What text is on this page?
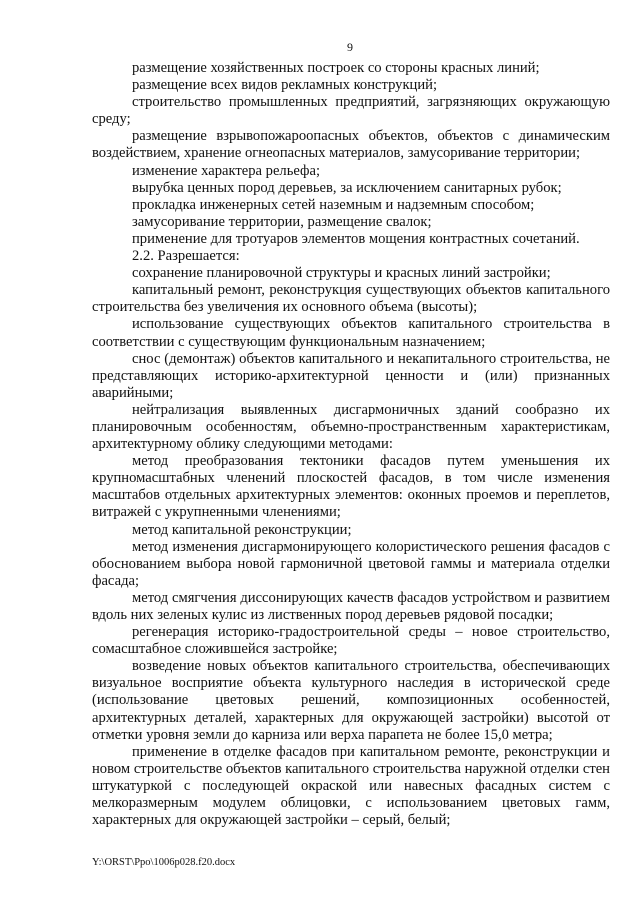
9

размещение хозяйственных построек со стороны красных линий;

размещение всех видов рекламных конструкций;

строительство промышленных предприятий, загрязняющих окружающую среду;

размещение взрывопожароопасных объектов, объектов с динамическим воздействием, хранение огнеопасных материалов, замусоривание территории;

изменение характера рельефа;

вырубка ценных пород деревьев, за исключением санитарных рубок;

прокладка инженерных сетей наземным и надземным способом;

замусоривание территории, размещение свалок;

применение для тротуаров элементов мощения контрастных сочетаний.

2.2. Разрешается:

сохранение планировочной структуры и красных линий застройки;

капитальный ремонт, реконструкция существующих объектов капитального строительства без увеличения их основного объема (высоты);

использование существующих объектов капитального строительства в соответствии с существующим функциональным назначением;

снос (демонтаж) объектов капитального и некапитального строительства, не представляющих историко-архитектурной ценности и (или) признанных аварийными;

нейтрализация выявленных дисгармоничных зданий сообразно их планировочным особенностям, объемно-пространственным характеристикам, архитектурному облику следующими методами:

метод преобразования тектоники фасадов путем уменьшения их крупномасштабных членений плоскостей фасадов, в том числе изменения масштабов отдельных архитектурных элементов: оконных проемов и переплетов, витражей с укрупненными членениями;

метод капитальной реконструкции;

метод изменения дисгармонирующего колористического решения фасадов с обоснованием выбора новой гармоничной цветовой гаммы и материала отделки фасада;

метод смягчения диссонирующих качеств фасадов устройством и развитием вдоль них зеленых кулис из лиственных пород деревьев рядовой посадки;

регенерация историко-градостроительной среды – новое строительство, сомасштабное сложившейся застройке;

возведение новых объектов капитального строительства, обеспечивающих визуальное восприятие объекта культурного наследия в исторической среде (использование цветовых решений, композиционных особенностей, архитектурных деталей, характерных для окружающей застройки) высотой от отметки уровня земли до карниза или верха парапета не более 15,0 метра;

применение в отделке фасадов при капитальном ремонте, реконструкции и новом строительстве объектов капитального строительства наружной отделки стен штукатуркой с последующей окраской или навесных фасадных систем с мелкоразмерным модулем облицовки, с использованием цветовых гамм, характерных для окружающей застройки – серый, белый;

Y:\ORST\Ppo\1006p028.f20.docx
